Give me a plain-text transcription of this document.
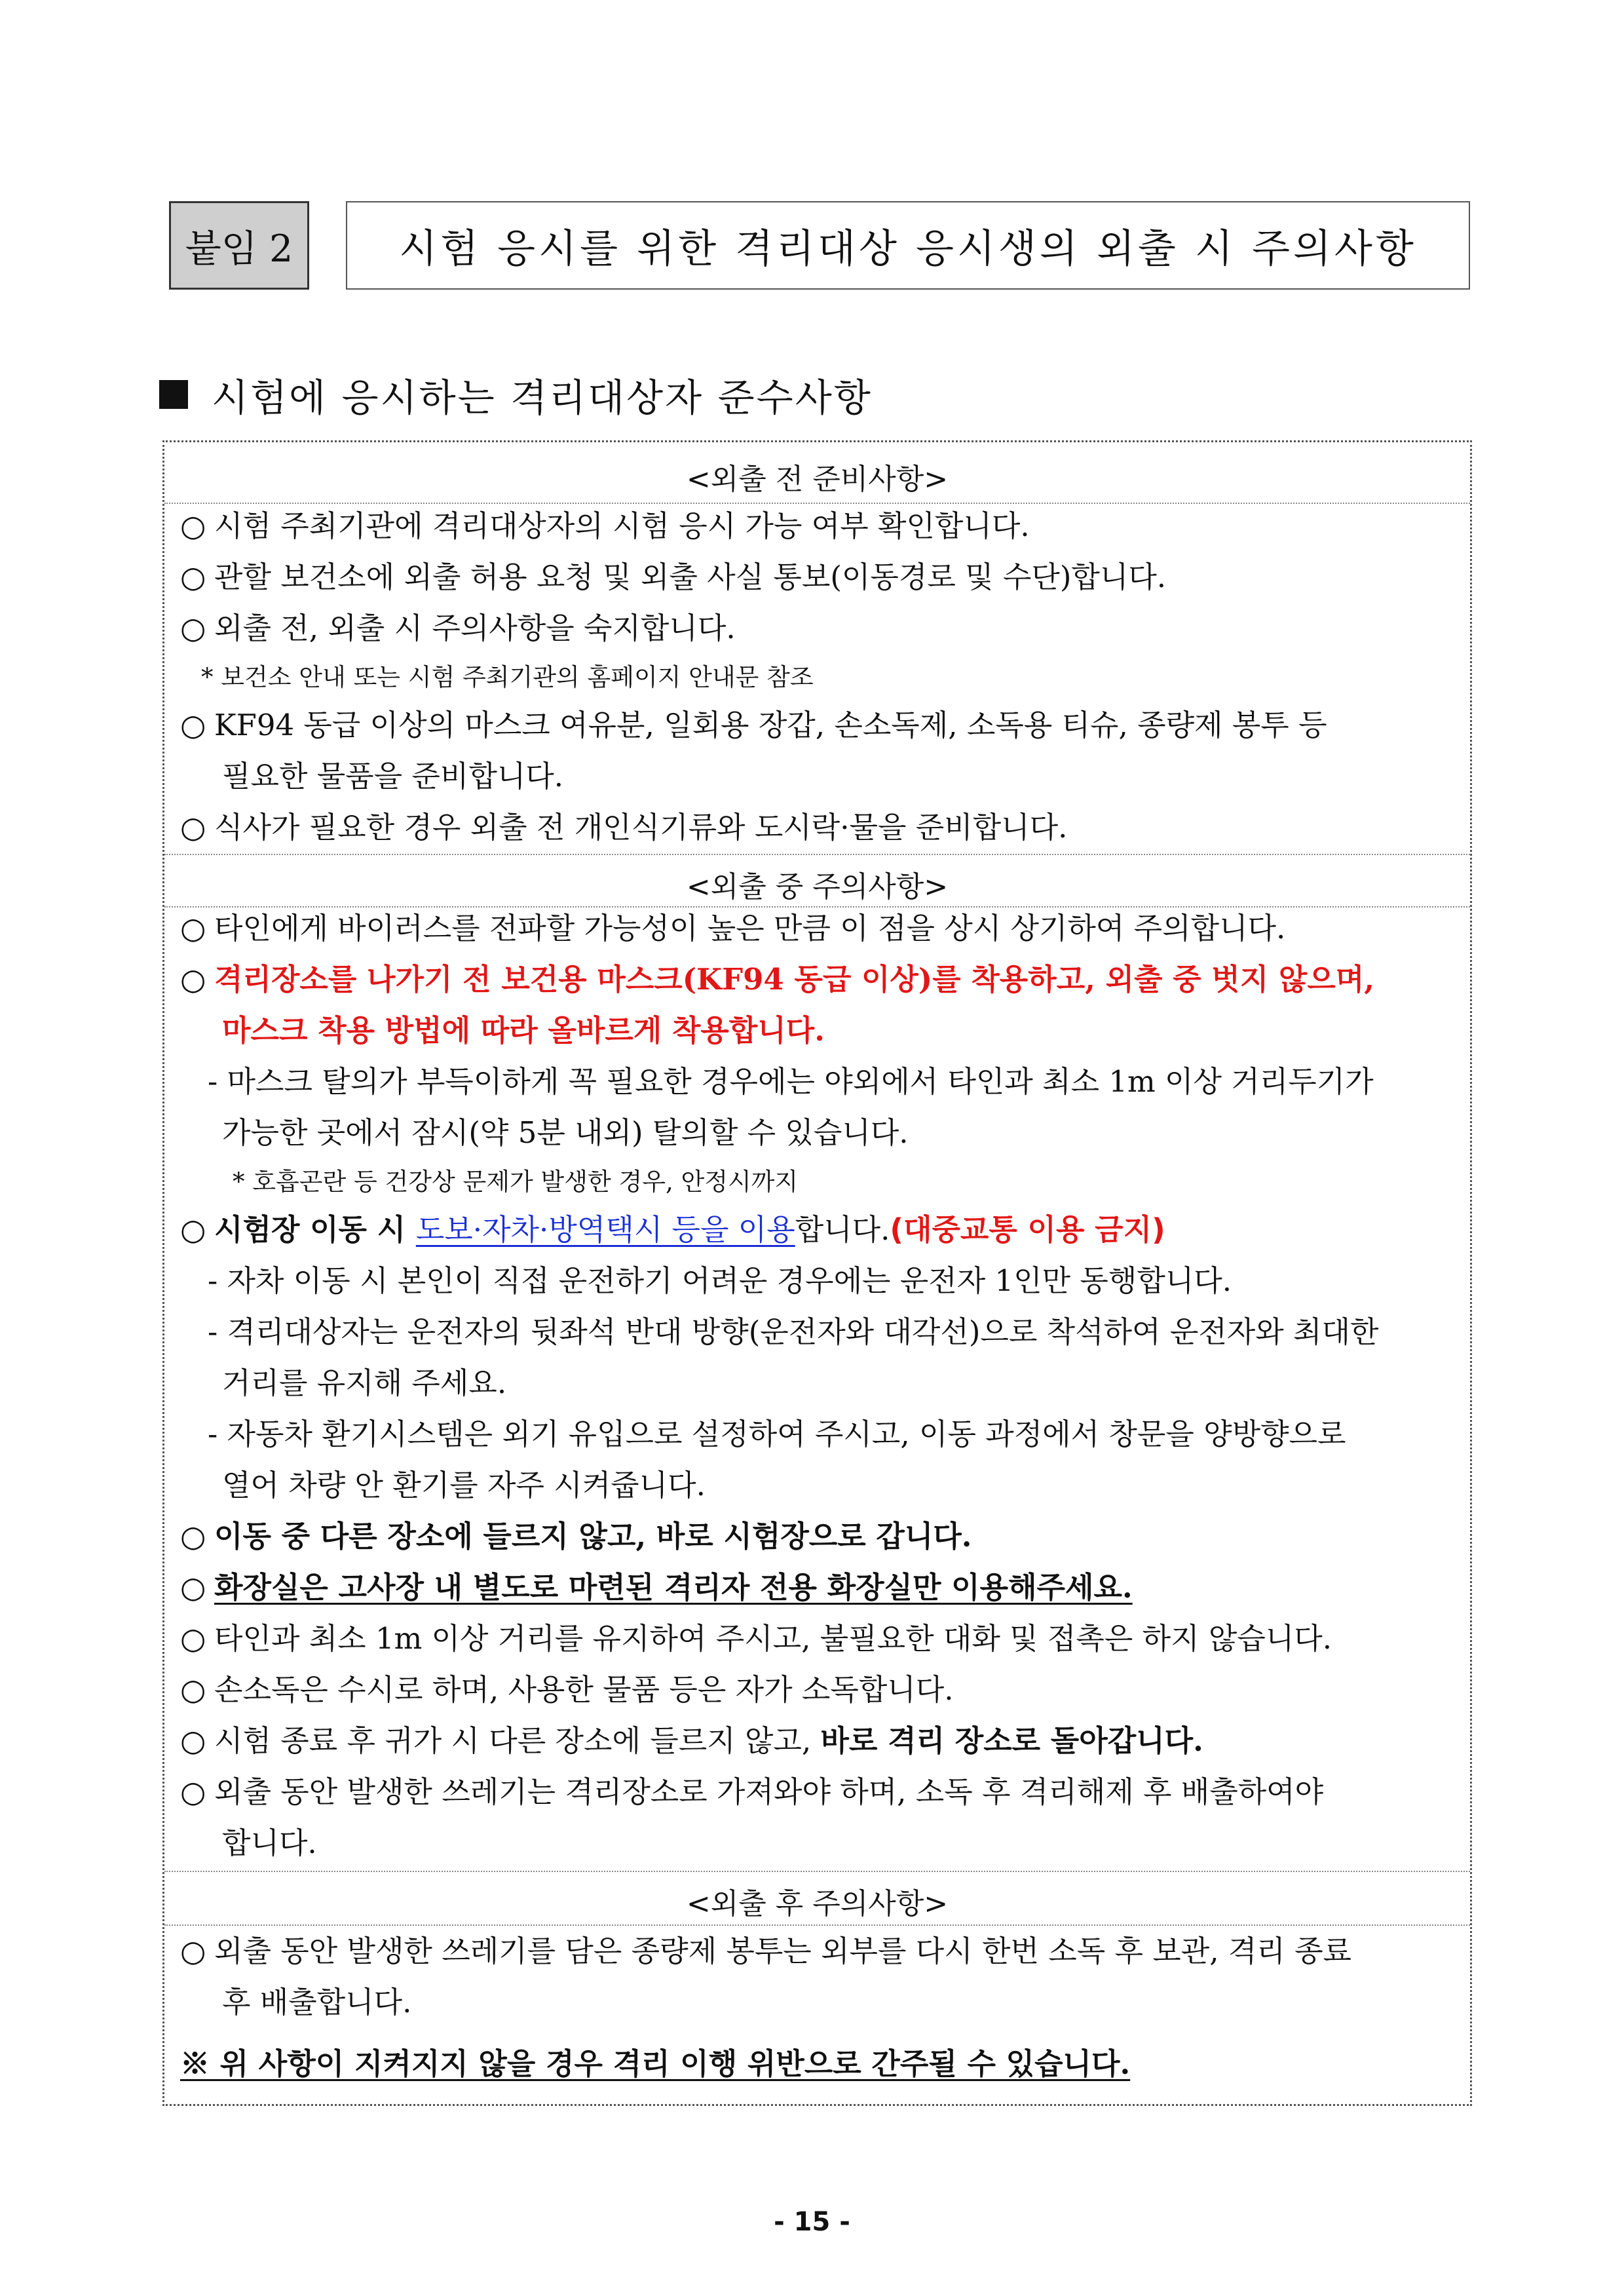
붙임 2	시험 응시를 위한 격리대상 응시생의 외출 시 주의사항
시험에 응시하는 격리대상자 준수사항
<외출 전 준비사항>
○ 시험 주최기관에 격리대상자의 시험 응시 가능 여부 확인합니다.
○ 관할 보건소에 외출 허용 요청 및 외출 사실 통보(이동경로 및 수단)합니다.
○ 외출 전, 외출 시 주의사항을 숙지합니다.
* 보건소 안내 또는 시험 주최기관의 홈페이지 안내문 참조
○ KF94 동급 이상의 마스크 여유분, 일회용 장갑, 손소독제, 소독용 티슈, 종량제 봉투 등
필요한 물품을 준비합니다.
○ 식사가 필요한 경우 외출 전 개인식기류와 도시락·물을 준비합니다.
<외출 중 주의사항>
○ 타인에게 바이러스를 전파할 가능성이 높은 만큼 이 점을 상시 상기하여 주의합니다.
○ 격리장소를 나가기 전 보건용 마스크(KF94 동급 이상)를 착용하고, 외출 중 벗지 않으며,
마스크 착용 방법에 따라 올바르게 착용합니다.
- 마스크 탈의가 부득이하게 꼭 필요한 경우에는 야외에서 타인과 최소 1m 이상 거리두기가
가능한 곳에서 잠시(약 5분 내외) 탈의할 수 있습니다.
* 호흡곤란 등 건강상 문제가 발생한 경우, 안정시까지
○ 시험장 이동 시 도보·자차·방역택시 등을 이용합니다.(대중교통 이용 금지)
- 자차 이동 시 본인이 직접 운전하기 어려운 경우에는 운전자 1인만 동행합니다.
- 격리대상자는 운전자의 뒷좌석 반대 방향(운전자와 대각선)으로 착석하여 운전자와 최대한
거리를 유지해 주세요.
- 자동차 환기시스템은 외기 유입으로 설정하여 주시고, 이동 과정에서 창문을 양방향으로
열어 차량 안 환기를 자주 시켜줍니다.
○ 이동 중 다른 장소에 들르지 않고, 바로 시험장으로 갑니다.
○ 화장실은 고사장 내 별도로 마련된 격리자 전용 화장실만 이용해주세요.
○ 타인과 최소 1m 이상 거리를 유지하여 주시고, 불필요한 대화 및 접촉은 하지 않습니다.
○ 손소독은 수시로 하며, 사용한 물품 등은 자가 소독합니다.
○ 시험 종료 후 귀가 시 다른 장소에 들르지 않고, 바로 격리 장소로 돌아갑니다.
○ 외출 동안 발생한 쓰레기는 격리장소로 가져와야 하며, 소독 후 격리해제 후 배출하여야
합니다.
<외출 후 주의사항>
○ 외출 동안 발생한 쓰레기를 담은 종량제 봉투는 외부를 다시 한번 소독 후 보관, 격리 종료
후 배출합니다.
※ 위 사항이 지켜지지 않을 경우 격리 이행 위반으로 간주될 수 있습니다.
- 15 -
